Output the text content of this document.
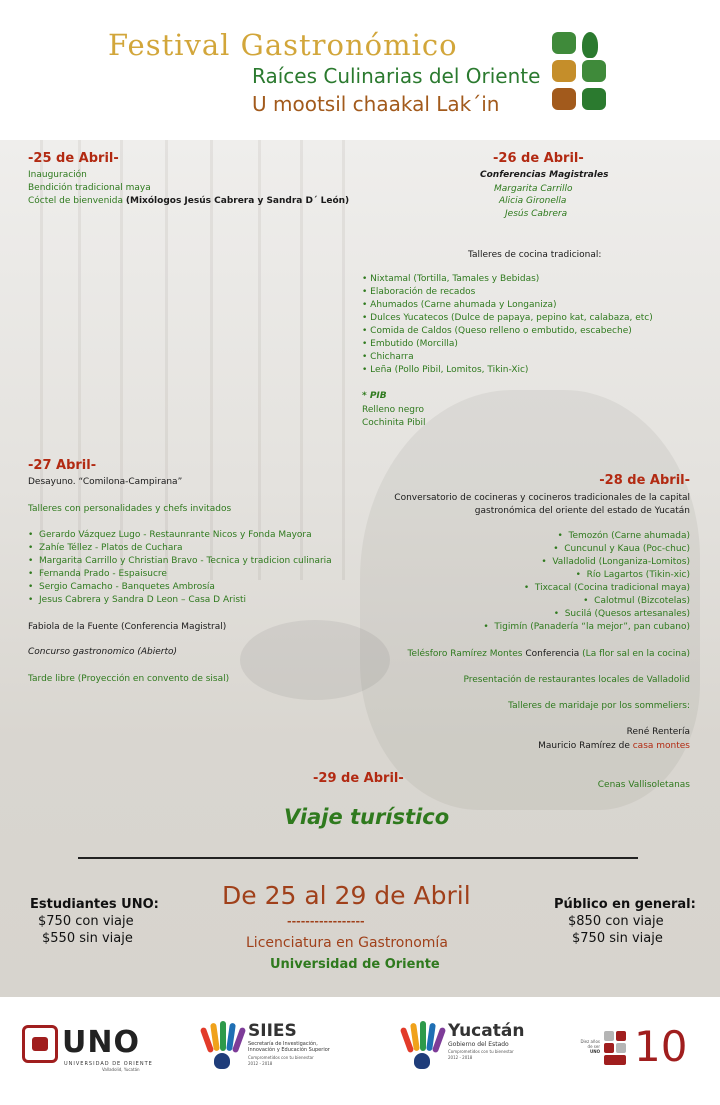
Festival Gastronómico
Raíces Culinarias del Oriente
U mootsil chaakal Lak´in
-25 de Abril-
Inauguración
Bendición tradicional maya
Cóctel de bienvenida (Mixólogos Jesús Cabrera y Sandra D´ León)
-26 de Abril-
Conferencias Magistrales
Margarita Carrillo
Alicia Gironella
Jesús Cabrera
Talleres de cocina tradicional:
• Nixtamal (Tortilla, Tamales y Bebidas)
• Elaboración de recados
• Ahumados (Carne ahumada y Longaniza)
• Dulces Yucatecos (Dulce de papaya, pepino kat, calabaza, etc)
• Comida de Caldos (Queso relleno o embutido, escabeche)
• Embutido (Morcilla)
• Chicharra
• Leña (Pollo Pibil, Lomitos, Tikin-Xic)
* PIB
Relleno negro
Cochinita Pibil
-27 Abril-
Desayuno. “Comilona-Campirana”
Talleres con personalidades y chefs invitados
•  Gerardo Vázquez Lugo - Restaunrante Nicos y Fonda Mayora
•  Zahíe Téllez - Platos de Cuchara
•  Margarita Carrillo y Christian Bravo - Tecnica y tradicion culinaria
•  Fernanda Prado - Espaisucre
•  Sergio Camacho - Banquetes Ambrosía
•  Jesus Cabrera y Sandra D Leon – Casa D Aristi
Fabiola de la Fuente (Conferencia Magistral)
Concurso gastronomico (Abierto)
Tarde libre (Proyección en convento de sisal)
-28 de Abril-
Conversatorio de cocineras y cocineros tradicionales de la capital
gastronómica del oriente del estado de Yucatán
•  Temozón (Carne ahumada)
•  Cuncunul y Kaua (Poc-chuc)
•  Valladolid (Longaniza-Lomitos)
•  Río Lagartos (Tikin-xic)
•  Tixcacal (Cocina tradicional maya)
•  Calotmul (Bizcotelas)
•  Sucilá (Quesos artesanales)
•  Tigimín (Panadería “la mejor”, pan cubano)
Telésforo Ramírez Montes Conferencia (La flor sal en la cocina)
Presentación de restaurantes locales de Valladolid
Talleres de maridaje por los sommeliers:
René Rentería
Mauricio Ramírez de casa montes
Cenas Vallisoletanas
-29 de Abril-
Viaje turístico
Estudiantes UNO:
$750 con viaje
$550 sin viaje
Público en general:
$850 con viaje
$750 sin viaje
De 25 al 29 de Abril
-----------------
Licenciatura en Gastronomía
Universidad de Oriente
UNO
UNIVERSIDAD DE ORIENTE
Valladolid, Yucatán
SIIES
Secretaría de Investigación,
Innovación y Educación Superior
Comprometidos con tu bienestar
2012 - 2018
Yucatán
Gobierno del Estado
Comprometidos con tu bienestar
2012 - 2018
Diez años
de ser
UNO 10
